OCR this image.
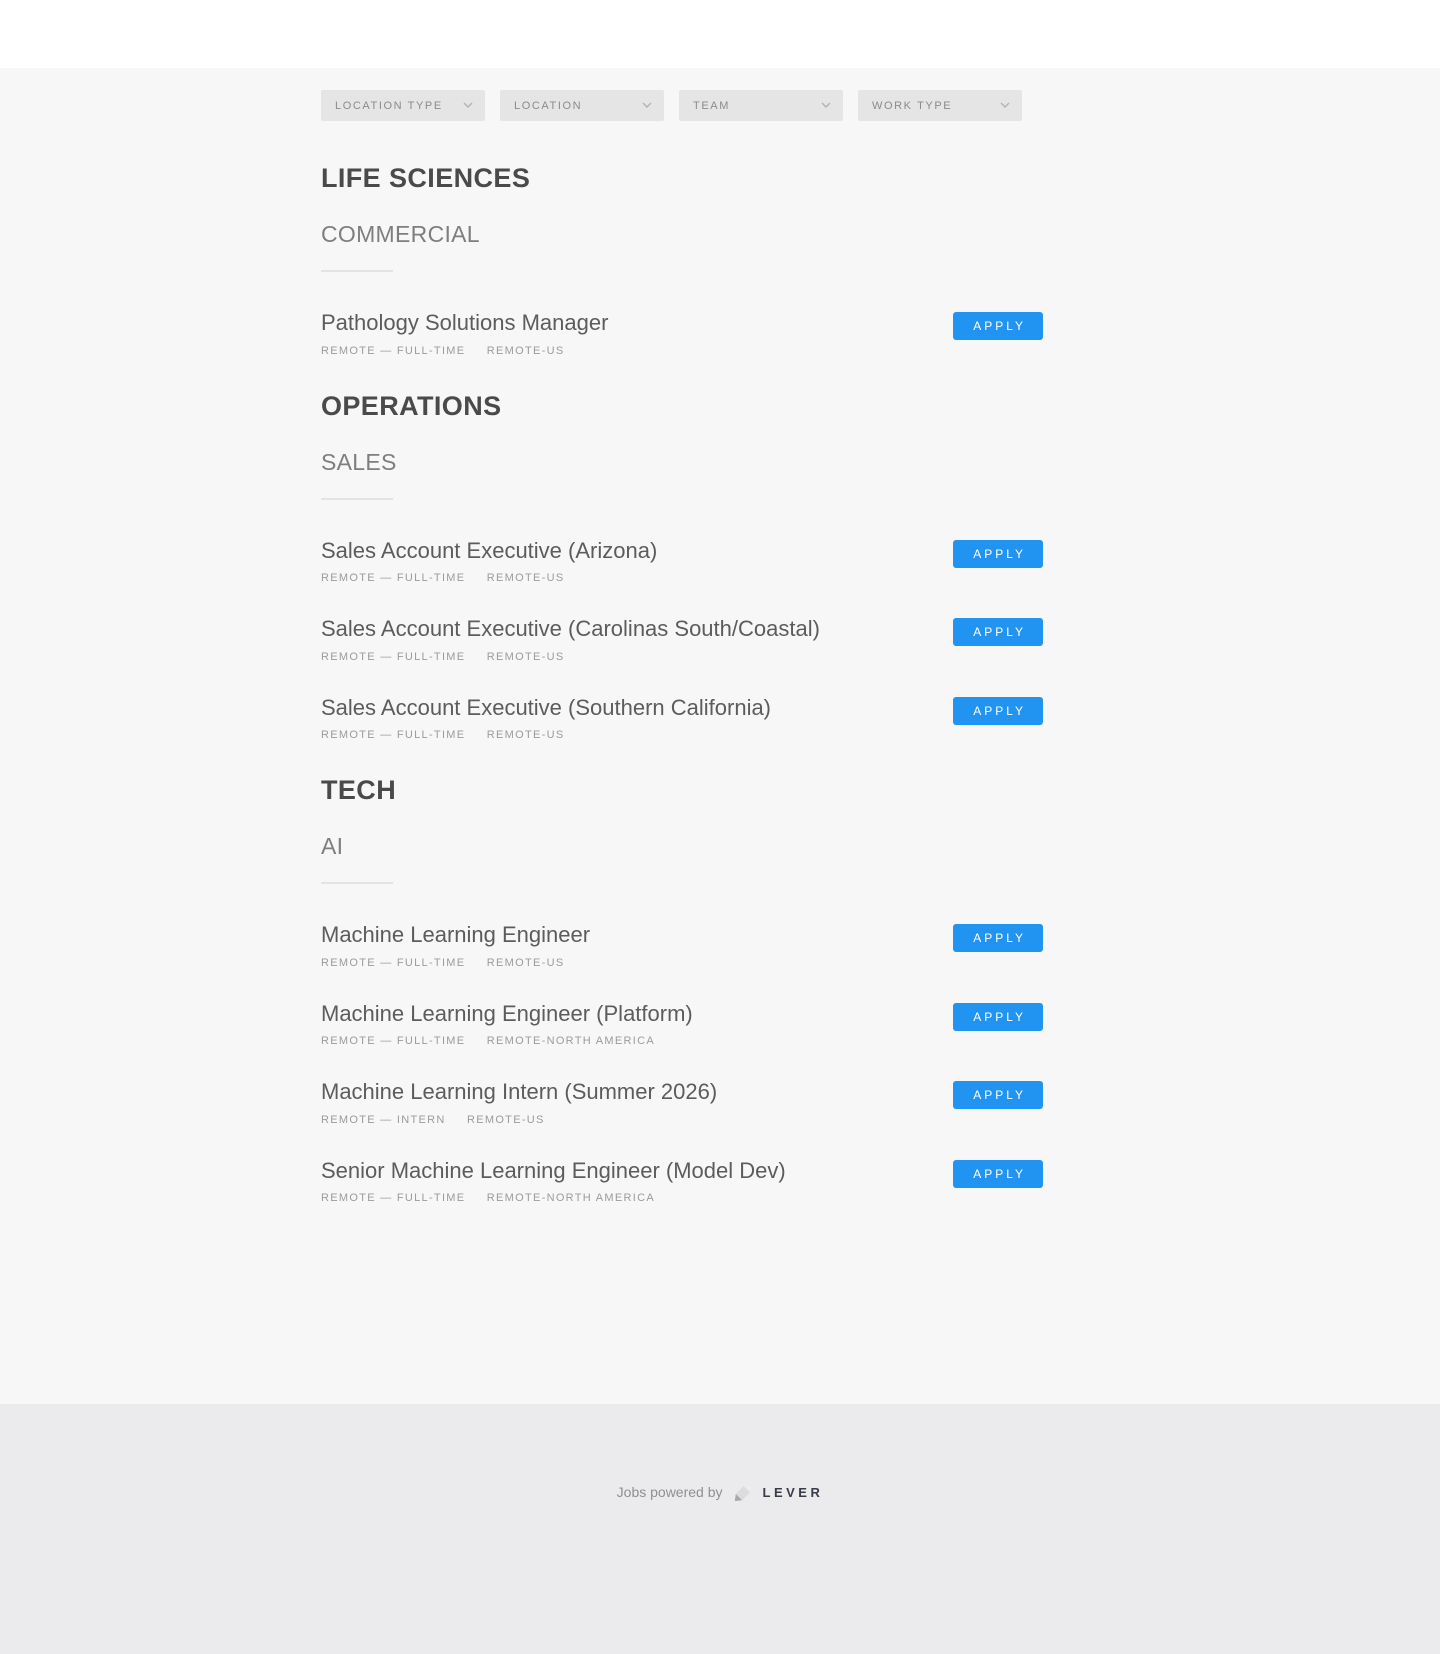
LOCATION TYPE	LOCATION	TEAM	WORK TYPE
LIFE SCIENCES
COMMERCIAL
Pathology Solutions Manager
REMOTE — FULL-TIME REMOTE-US
APPLY
OPERATIONS
SALES
Sales Account Executive (Arizona)
REMOTE — FULL-TIME REMOTE-US
APPLY
Sales Account Executive (Carolinas South/Coastal)
REMOTE — FULL-TIME REMOTE-US
APPLY
Sales Account Executive (Southern California)
REMOTE — FULL-TIME REMOTE-US
APPLY
TECH
AI
Machine Learning Engineer
REMOTE — FULL-TIME REMOTE-US
APPLY
Machine Learning Engineer (Platform)
REMOTE — FULL-TIME REMOTE-NORTH AMERICA
APPLY
Machine Learning Intern (Summer 2026)
REMOTE — INTERN REMOTE-US
APPLY
Senior Machine Learning Engineer (Model Dev)
REMOTE — FULL-TIME REMOTE-NORTH AMERICA
APPLY
Jobs powered by	LEVER
